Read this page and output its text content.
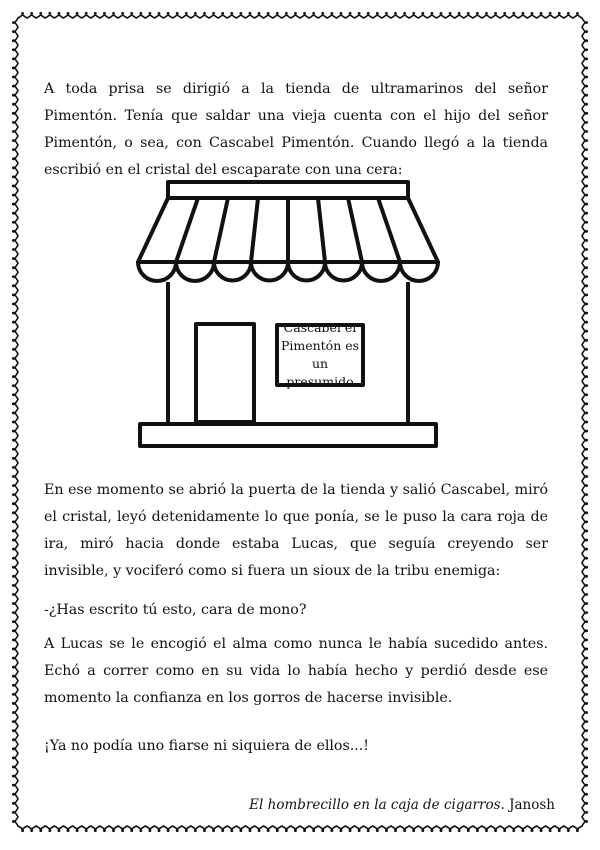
A toda prisa se dirigió a la tienda de ultramarinos del señor Pimentón. Tenía que saldar una vieja cuenta con el hijo del señor Pimentón, o sea, con Cascabel Pimentón. Cuando llegó a la tienda escribió en el cristal del escaparate con una cera:

Cascabel el
Pimentón es
un presumido

En ese momento se abrió la puerta de la tienda y salió Cascabel, miró el cristal, leyó detenidamente lo que ponía, se le puso la cara roja de ira, miró hacia donde estaba Lucas, que seguía creyendo ser invisible, y vociferó como si fuera un sioux de la tribu enemiga:

-¿Has escrito tú esto, cara de mono?

A Lucas se le encogió el alma como nunca le había sucedido antes. Echó a correr como en su vida lo había hecho y perdió desde ese momento la confianza en los gorros de hacerse invisible.

¡Ya no podía uno fiarse ni siquiera de ellos...!

El hombrecillo en la caja de cigarros. Janosh
